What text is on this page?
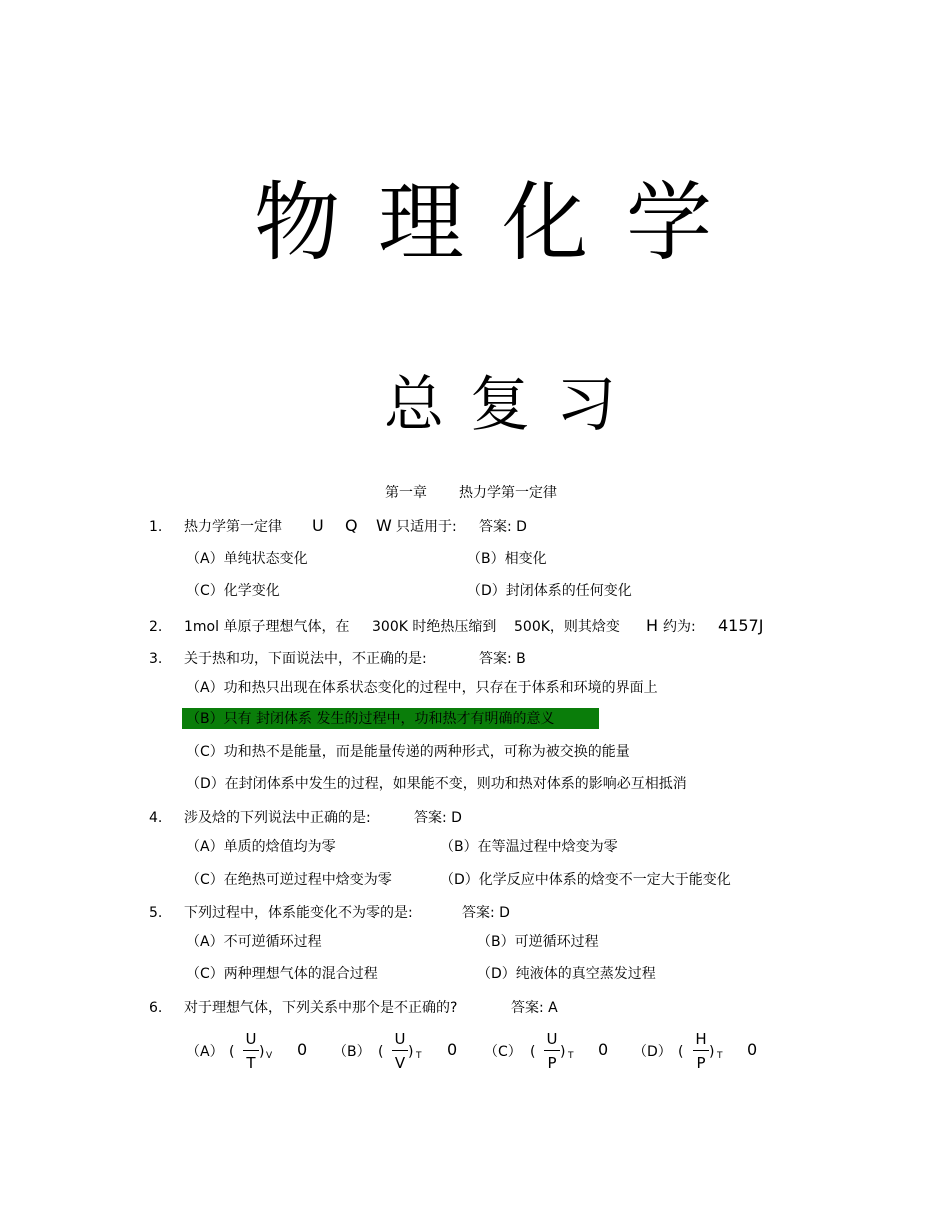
物理化学
总复习
第一章 热力学第一定律
1. 热力学第一定律 U Q W 只适用于: 答案: D
（A）单纯状态变化	（B）相变化
（C）化学变化	（D）封闭体系的任何变化
2. 1mol 单原子理想气体，在 300K 时绝热压缩到 500K，则其焓变 H 约为: 4157J
3. 关于热和功，下面说法中，不正确的是:	答案: B
（A）功和热只出现在体系状态变化的过程中，只存在于体系和环境的界面上
（B）只有 封闭体系 发生的过程中，功和热才有明确的意义
（C）功和热不是能量，而是能量传递的两种形式，可称为被交换的能量
（D）在封闭体系中发生的过程，如果能不变，则功和热对体系的影响必互相抵消
4. 涉及焓的下列说法中正确的是:	答案: D
（A）单质的焓值均为零	（B）在等温过程中焓变为零
（C）在绝热可逆过程中焓变为零	（D）化学反应中体系的焓变不一定大于能变化
5. 下列过程中，体系能变化不为零的是:	答案: D
（A）不可逆循环过程	（B）可逆循环过程
（C）两种理想气体的混合过程	（D）纯液体的真空蒸发过程
6. 对于理想气体，下列关系中那个是不正确的?	答案: A
（A） (
U
T
) V 0 （B） (
U
V
) T 0 （C） (
U
P
) T 0 （D） (
H
P
) T 0
